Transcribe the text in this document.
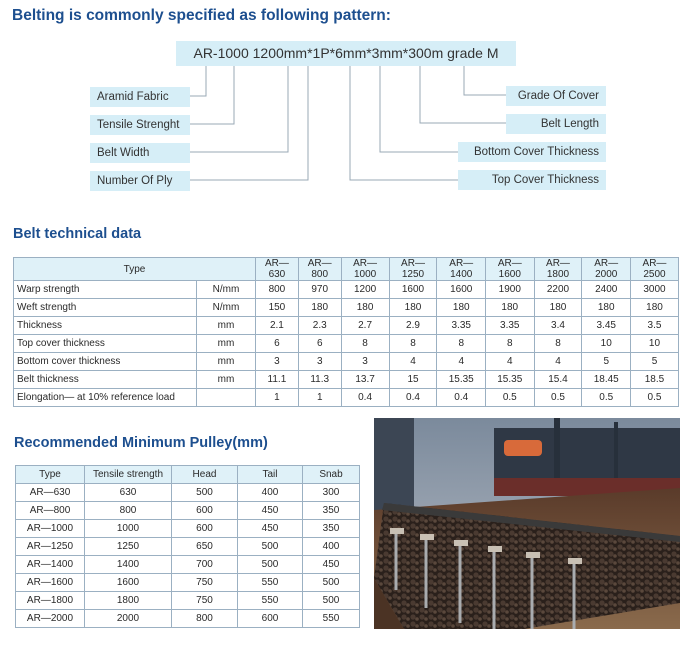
Belting is commonly specified as following pattern:
AR-1000 1200mm*1P*6mm*3mm*300m grade M
Aramid Fabric
Tensile Strenght
Belt Width
Number Of Ply
Grade Of Cover
Belt Length
Bottom Cover Thickness
Top Cover Thickness
Belt technical data
Type		AR—630	AR—800	AR—1000	AR—1250	AR—1400	AR—1600	AR—1800	AR—2000	AR—2500
Warp strength	N/mm	800	970	1200	1600	1600	1900	2200	2400	3000
Weft strength	N/mm	150	180	180	180	180	180	180	180	180
Thickness	mm	2.1	2.3	2.7	2.9	3.35	3.35	3.4	3.45	3.5
Top cover thickness	mm	6	6	8	8	8	8	8	10	10
Bottom cover thickness	mm	3	3	3	4	4	4	4	5	5
Belt thickness	mm	11.1	11.3	13.7	15	15.35	15.35	15.4	18.45	18.5
Elongation— at 10% reference load		1	1	0.4	0.4	0.4	0.5	0.5	0.5	0.5
Recommended Minimum Pulley(mm)
Type	Tensile strength	Head	Tail	Snab
AR—630	630	500	400	300
AR—800	800	600	450	350
AR—1000	1000	600	450	350
AR—1250	1250	650	500	400
AR—1400	1400	700	500	450
AR—1600	1600	750	550	500
AR—1800	1800	750	550	500
AR—2000	2000	800	600	550
